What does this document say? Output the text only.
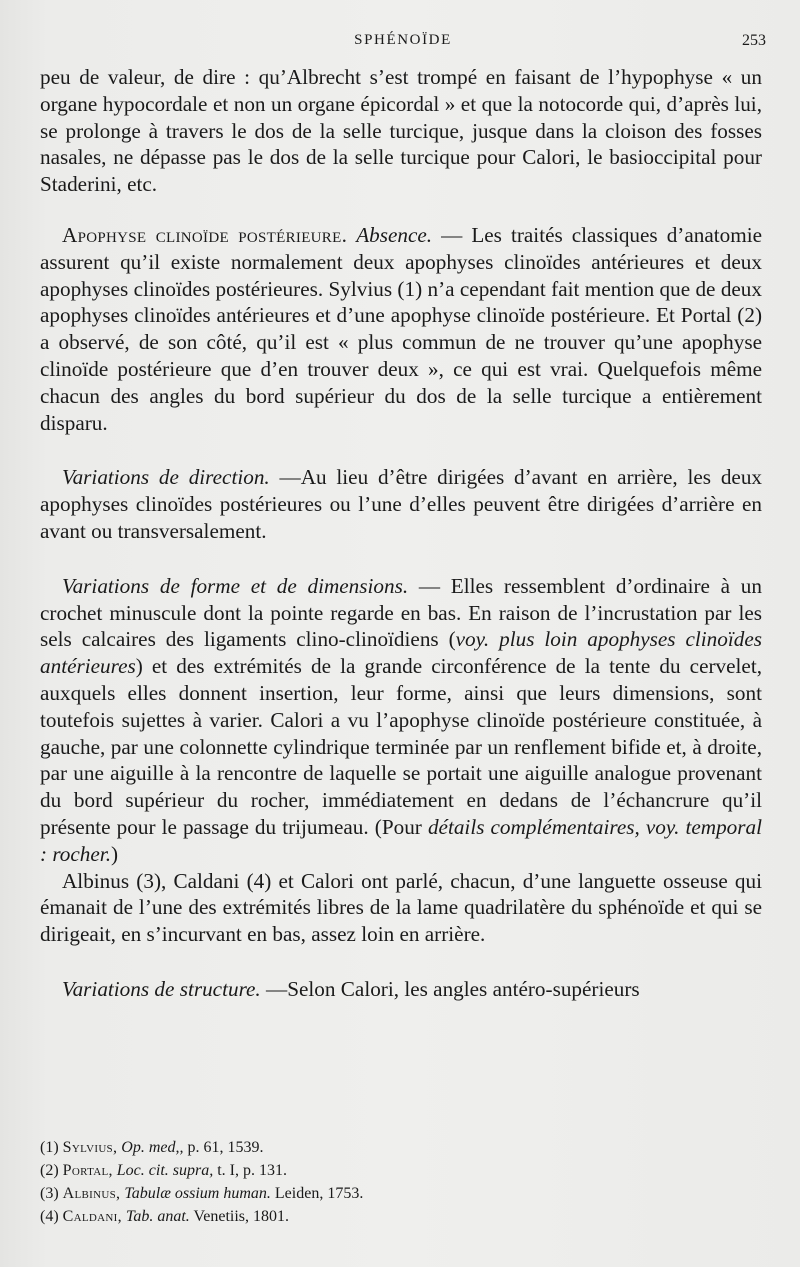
SPHÉNOÏDE	253

peu de valeur, de dire : qu’Albrecht s’est trompé en faisant de l’hypophyse « un organe hypocordale et non un organe épicordal » et que la notocorde qui, d’après lui, se prolonge à travers le dos de la selle turcique, jusque dans la cloison des fosses nasales, ne dépasse pas le dos de la selle turcique pour Calori, le basioccipital pour Staderini, etc.

Apophyse clinoïde postérieure. Absence. — Les traités classiques d’anatomie assurent qu’il existe normalement deux apophyses clinoïdes antérieures et deux apophyses clinoïdes postérieures. Sylvius (1) n’a cependant fait mention que de deux apophyses clinoïdes antérieures et d’une apophyse clinoïde postérieure. Et Portal (2) a observé, de son côté, qu’il est « plus commun de ne trouver qu’une apophyse clinoïde postérieure que d’en trouver deux », ce qui est vrai. Quelquefois même chacun des angles du bord supérieur du dos de la selle turcique a entièrement disparu.

Variations de direction. —Au lieu d’être dirigées d’avant en arrière, les deux apophyses clinoïdes postérieures ou l’une d’elles peuvent être dirigées d’arrière en avant ou transversalement.

Variations de forme et de dimensions. — Elles ressemblent d’ordinaire à un crochet minuscule dont la pointe regarde en bas. En raison de l’incrustation par les sels calcaires des ligaments clino-clinoïdiens (voy. plus loin apophyses clinoïdes antérieures) et des extrémités de la grande circonférence de la tente du cervelet, auxquels elles donnent insertion, leur forme, ainsi que leurs dimensions, sont toutefois sujettes à varier. Calori a vu l’apophyse clinoïde postérieure constituée, à gauche, par une colonnette cylindrique terminée par un renflement bifide et, à droite, par une aiguille à la rencontre de laquelle se portait une aiguille analogue provenant du bord supérieur du rocher, immédiatement en dedans de l’échancrure qu’il présente pour le passage du trijumeau. (Pour détails complémentaires, voy. temporal : rocher.)

Albinus (3), Caldani (4) et Calori ont parlé, chacun, d’une languette osseuse qui émanait de l’une des extrémités libres de la lame quadrilatère du sphénoïde et qui se dirigeait, en s’incurvant en bas, assez loin en arrière.

Variations de structure. —Selon Calori, les angles antéro-supérieurs

(1) Sylvius, Op. med,, p. 61, 1539.
(2) Portal, Loc. cit. supra, t. I, p. 131.
(3) Albinus, Tabulæ ossium human. Leiden, 1753.
(4) Caldani, Tab. anat. Venetiis, 1801.
